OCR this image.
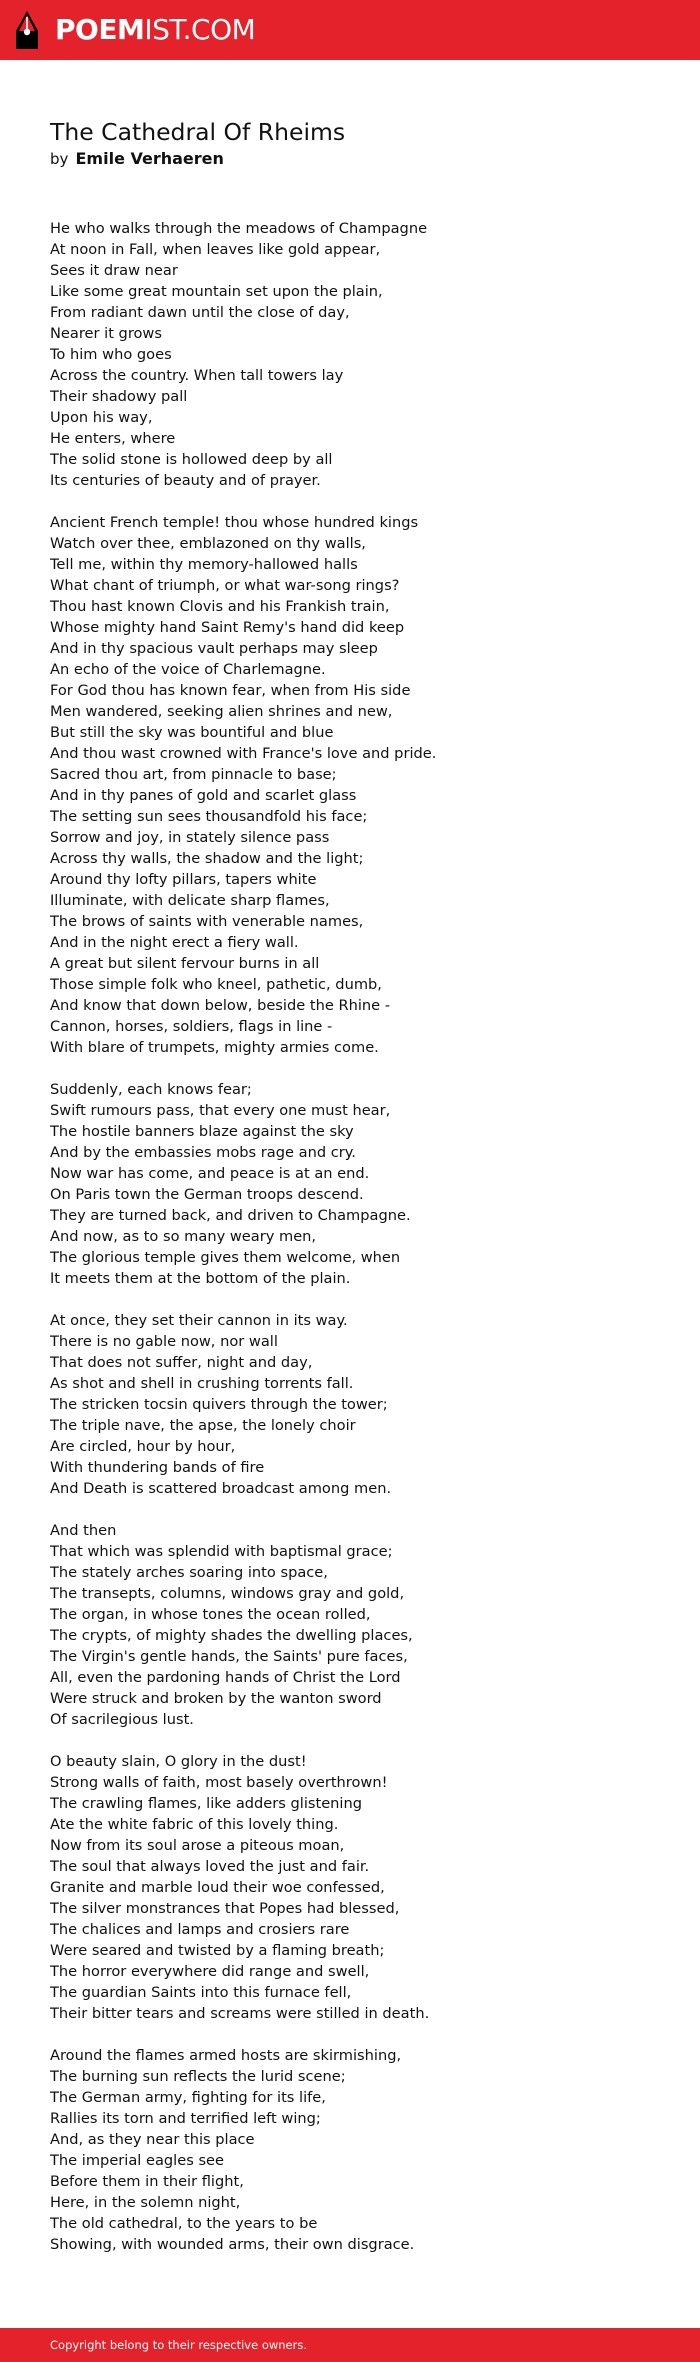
POEMIST.COM
The Cathedral Of Rheims
by Emile Verhaeren
He who walks through the meadows of Champagne
At noon in Fall, when leaves like gold appear,
Sees it draw near
Like some great mountain set upon the plain,
From radiant dawn until the close of day,
Nearer it grows
To him who goes
Across the country. When tall towers lay
Their shadowy pall
Upon his way,
He enters, where
The solid stone is hollowed deep by all
Its centuries of beauty and of prayer.
Ancient French temple! thou whose hundred kings
Watch over thee, emblazoned on thy walls,
Tell me, within thy memory-hallowed halls
What chant of triumph, or what war-song rings?
Thou hast known Clovis and his Frankish train,
Whose mighty hand Saint Remy's hand did keep
And in thy spacious vault perhaps may sleep
An echo of the voice of Charlemagne.
For God thou has known fear, when from His side
Men wandered, seeking alien shrines and new,
But still the sky was bountiful and blue
And thou wast crowned with France's love and pride.
Sacred thou art, from pinnacle to base;
And in thy panes of gold and scarlet glass
The setting sun sees thousandfold his face;
Sorrow and joy, in stately silence pass
Across thy walls, the shadow and the light;
Around thy lofty pillars, tapers white
Illuminate, with delicate sharp flames,
The brows of saints with venerable names,
And in the night erect a fiery wall.
A great but silent fervour burns in all
Those simple folk who kneel, pathetic, dumb,
And know that down below, beside the Rhine -
Cannon, horses, soldiers, flags in line -
With blare of trumpets, mighty armies come.
Suddenly, each knows fear;
Swift rumours pass, that every one must hear,
The hostile banners blaze against the sky
And by the embassies mobs rage and cry.
Now war has come, and peace is at an end.
On Paris town the German troops descend.
They are turned back, and driven to Champagne.
And now, as to so many weary men,
The glorious temple gives them welcome, when
It meets them at the bottom of the plain.
At once, they set their cannon in its way.
There is no gable now, nor wall
That does not suffer, night and day,
As shot and shell in crushing torrents fall.
The stricken tocsin quivers through the tower;
The triple nave, the apse, the lonely choir
Are circled, hour by hour,
With thundering bands of fire
And Death is scattered broadcast among men.
And then
That which was splendid with baptismal grace;
The stately arches soaring into space,
The transepts, columns, windows gray and gold,
The organ, in whose tones the ocean rolled,
The crypts, of mighty shades the dwelling places,
The Virgin's gentle hands, the Saints' pure faces,
All, even the pardoning hands of Christ the Lord
Were struck and broken by the wanton sword
Of sacrilegious lust.
O beauty slain, O glory in the dust!
Strong walls of faith, most basely overthrown!
The crawling flames, like adders glistening
Ate the white fabric of this lovely thing.
Now from its soul arose a piteous moan,
The soul that always loved the just and fair.
Granite and marble loud their woe confessed,
The silver monstrances that Popes had blessed,
The chalices and lamps and crosiers rare
Were seared and twisted by a flaming breath;
The horror everywhere did range and swell,
The guardian Saints into this furnace fell,
Their bitter tears and screams were stilled in death.
Around the flames armed hosts are skirmishing,
The burning sun reflects the lurid scene;
The German army, fighting for its life,
Rallies its torn and terrified left wing;
And, as they near this place
The imperial eagles see
Before them in their flight,
Here, in the solemn night,
The old cathedral, to the years to be
Showing, with wounded arms, their own disgrace.
Copyright belong to their respective owners.
